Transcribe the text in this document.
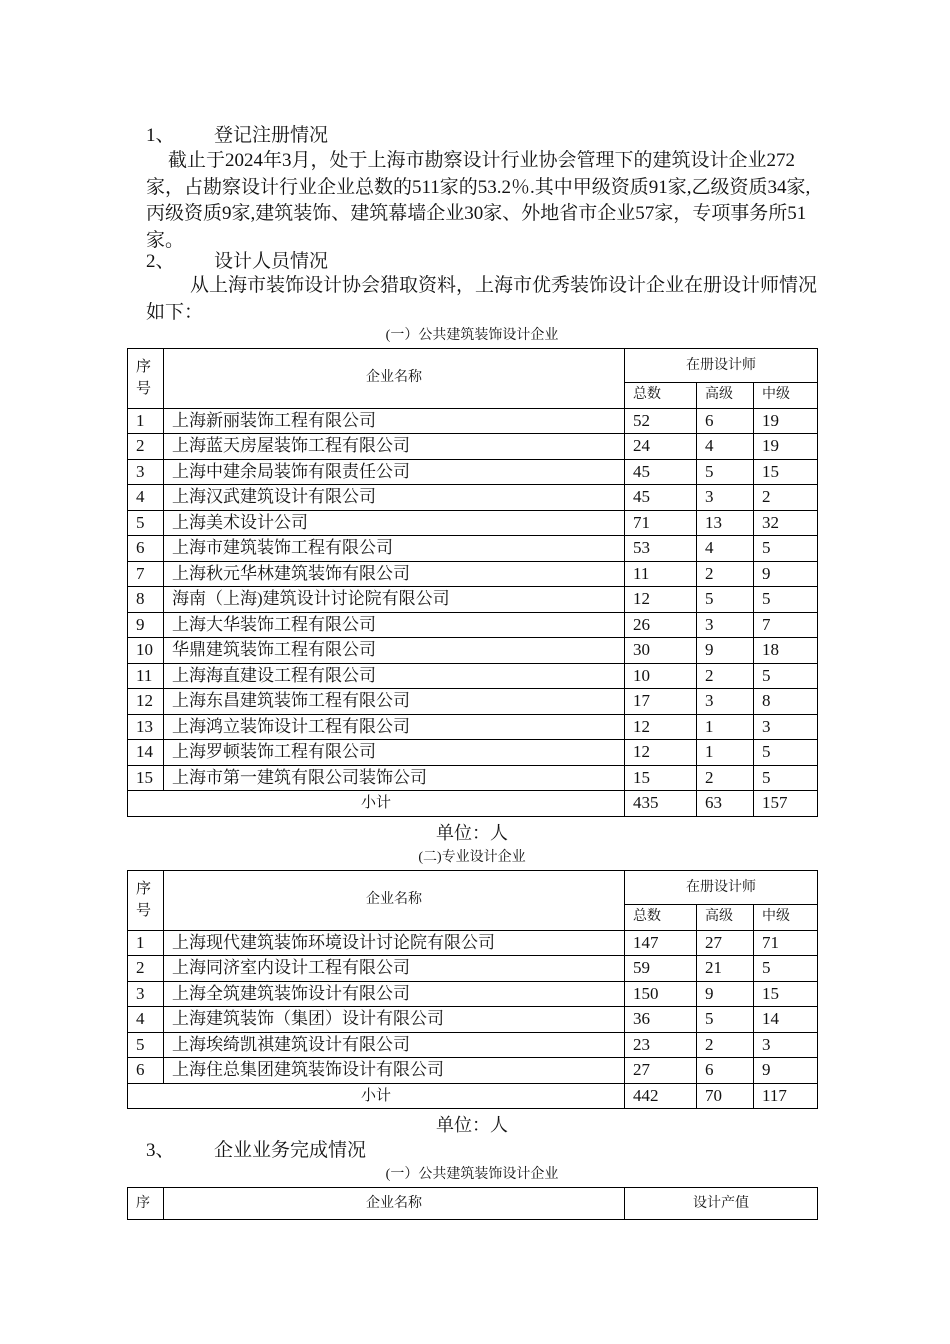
1、 登记注册情况
截止于2024年3月，处于上海市勘察设计行业协会管理下的建筑设计企业272家，占勘察设计行业企业总数的511家的53.2％.其中甲级资质91家,乙级资质34家,丙级资质9家,建筑装饰、建筑幕墙企业30家、外地省市企业57家，专项事务所51家。
2、 设计人员情况
从上海市装饰设计协会猎取资料，上海市优秀装饰设计企业在册设计师情况如下：
(一）公共建筑装饰设计企业
序号	企业名称	在册设计师		
		总数	高级	中级
1	上海新丽装饰工程有限公司	52	6	19
2	上海蓝天房屋装饰工程有限公司	24	4	19
3	上海中建余局装饰有限责任公司	45	5	15
4	上海汉武建筑设计有限公司	45	3	2
5	上海美术设计公司	71	13	32
6	上海市建筑装饰工程有限公司	53	4	5
7	上海秋元华林建筑装饰有限公司	11	2	9
8	海南（上海)建筑设计讨论院有限公司	12	5	5
9	上海大华装饰工程有限公司	26	3	7
10	华鼎建筑装饰工程有限公司	30	9	18
11	上海海直建设工程有限公司	10	2	5
12	上海东昌建筑装饰工程有限公司	17	3	8
13	上海鸿立装饰设计工程有限公司	12	1	3
14	上海罗顿装饰工程有限公司	12	1	5
15	上海市第一建筑有限公司装饰公司	15	2	5
小计		435	63	157
单位：人
(二)专业设计企业
序号	企业名称	在册设计师		
		总数	高级	中级
1	上海现代建筑装饰环境设计讨论院有限公司	147	27	71
2	上海同济室内设计工程有限公司	59	21	5
3	上海全筑建筑装饰设计有限公司	150	9	15
4	上海建筑装饰（集团）设计有限公司	36	5	14
5	上海埃绮凯祺建筑设计有限公司	23	2	3
6	上海住总集团建筑装饰设计有限公司	27	6	9
小计		442	70	117
单位：人
3、 企业业务完成情况
(一）公共建筑装饰设计企业
序	企业名称	设计产值
